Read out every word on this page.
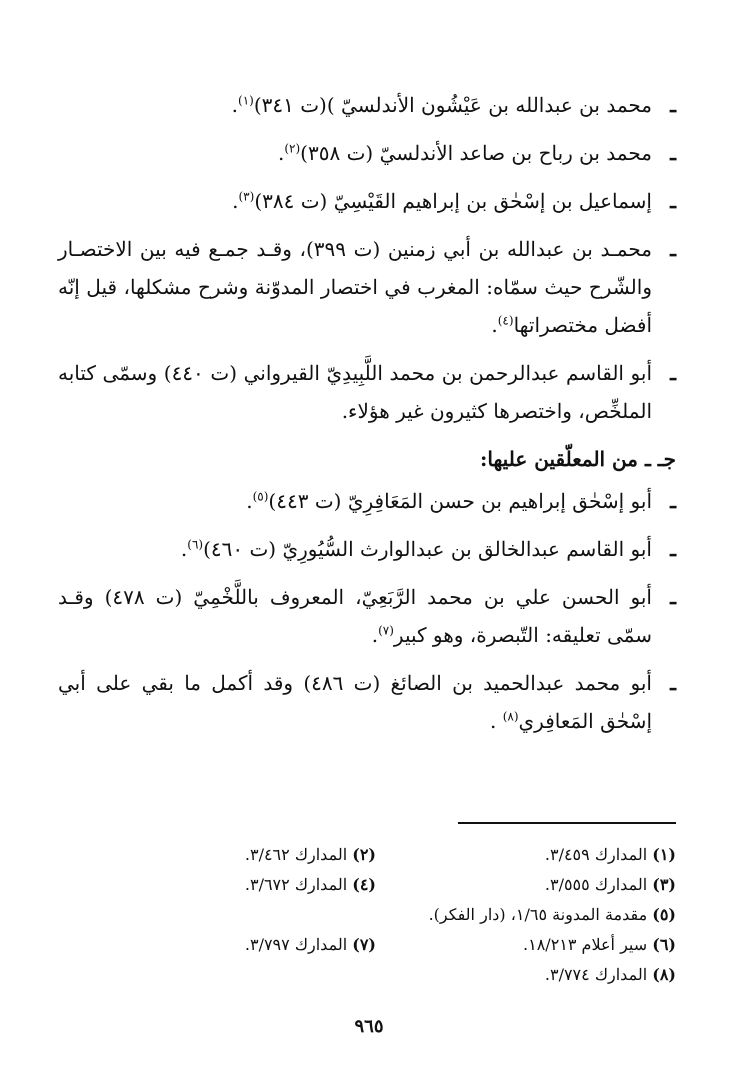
ـ
محمد بن عبدالله بن عَيْشُون الأندلسيّ )(ت ٣٤١)$^{(١)}$.
ـ
محمد بن رباح بن صاعد الأندلسيّ (ت ٣٥٨)$^{(٢)}$.
ـ
إسماعيل بن إسْحٰق بن إبراهيم القَيْسِيّ (ت ٣٨٤)$^{(٣)}$.
ـ
محمـد بن عبدالله بن أبي زمنين (ت ٣٩٩)، وقـد جمـع فيه بين الاختصـار والشّرح حيث سمّاه: المغرب في اختصار المدوّنة وشرح مشكلها، قيل إنّه أفضل مختصراتها$^{(٤)}$.
ـ
أبو القاسم عبدالرحمن بن محمد اللَّبِيدِيّ القيرواني (ت ٤٤٠) وسمّى كتابه الملخِّص، واختصرها كثيرون غير هؤلاء.
جـ ـ من المعلّقين عليها:
ـ
أبو إسْحٰق إبراهيم بن حسن المَعَافِرِيّ (ت ٤٤٣)$^{(٥)}$.
ـ
أبو القاسم عبدالخالق بن عبدالوارث السُّيُورِيّ (ت ٤٦٠)$^{(٦)}$.
ـ
أبو الحسن علي بن محمد الرَّبَعِيّ، المعروف باللَّخْمِيّ (ت ٤٧٨) وقـد سمّى تعليقه: التّبصرة، وهو كبير$^{(٧)}$.
ـ
أبو محمد عبدالحميد بن الصائغ (ت ٤٨٦) وقد أكمل ما بقي على أبي إسْحٰق المَعافِري$^{(٨)}$ .
(١) المدارك ٣/٤٥٩.
(٢) المدارك ٣/٤٦٢.
(٣) المدارك ٣/٥٥٥.
(٤) المدارك ٣/٦٧٢.
(٥) مقدمة المدونة ١/٦٥، (دار الفكر).
(٦) سير أعلام ١٨/٢١٣.
(٧) المدارك ٣/٧٩٧.
(٨) المدارك ٣/٧٧٤.
٩٦٥
